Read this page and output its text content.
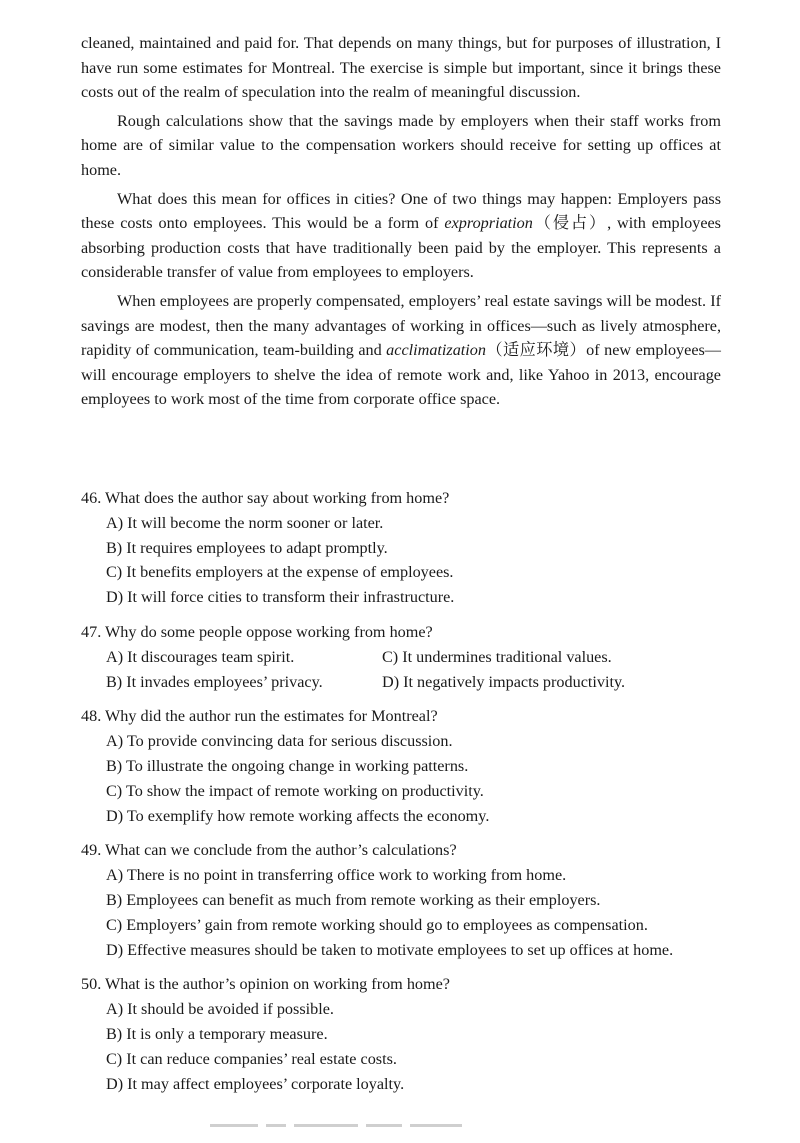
cleaned, maintained and paid for. That depends on many things, but for purposes of illustration, I have run some estimates for Montreal. The exercise is simple but important, since it brings these costs out of the realm of speculation into the realm of meaningful discussion.

Rough calculations show that the savings made by employers when their staff works from home are of similar value to the compensation workers should receive for setting up offices at home.

What does this mean for offices in cities? One of two things may happen: Employers pass these costs onto employees. This would be a form of expropriation（侵占）, with employees absorbing production costs that have traditionally been paid by the employer. This represents a considerable transfer of value from employees to employers.

When employees are properly compensated, employers’ real estate savings will be modest. If savings are modest, then the many advantages of working in offices—such as lively atmosphere, rapidity of communication, team-building and acclimatization（适应环境）of new employees—will encourage employers to shelve the idea of remote work and, like Yahoo in 2013, encourage employees to work most of the time from corporate office space.

46. What does the author say about working from home?
A) It will become the norm sooner or later.
B) It requires employees to adapt promptly.
C) It benefits employers at the expense of employees.
D) It will force cities to transform their infrastructure.
47. Why do some people oppose working from home?
A) It discourages team spirit.	C) It undermines traditional values.
B) It invades employees’ privacy.	D) It negatively impacts productivity.
48. Why did the author run the estimates for Montreal?
A) To provide convincing data for serious discussion.
B) To illustrate the ongoing change in working patterns.
C) To show the impact of remote working on productivity.
D) To exemplify how remote working affects the economy.
49. What can we conclude from the author’s calculations?
A) There is no point in transferring office work to working from home.
B) Employees can benefit as much from remote working as their employers.
C) Employers’ gain from remote working should go to employees as compensation.
D) Effective measures should be taken to motivate employees to set up offices at home.
50. What is the author’s opinion on working from home?
A) It should be avoided if possible.
B) It is only a temporary measure.
C) It can reduce companies’ real estate costs.
D) It may affect employees’ corporate loyalty.
